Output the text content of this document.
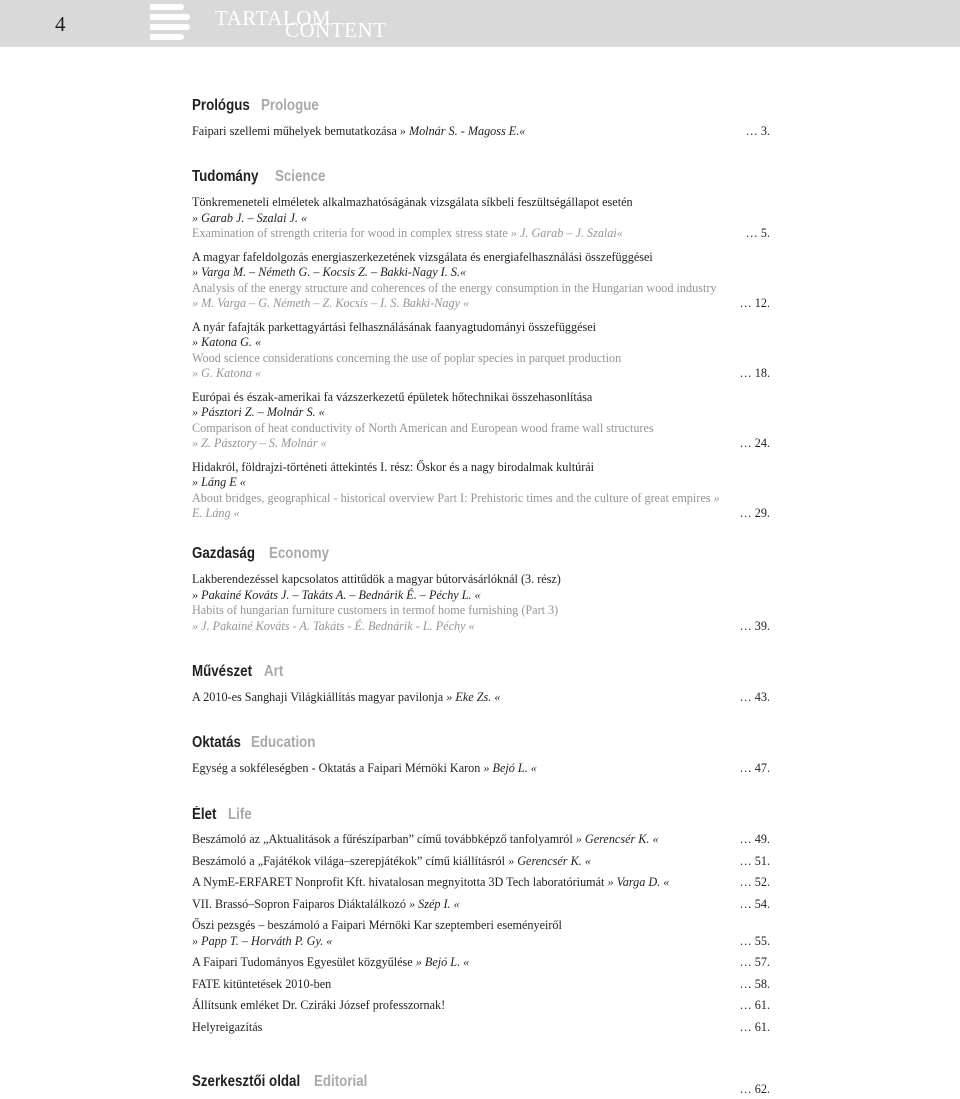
4	TARTALOM
CONTENT
Prológus Prologue
Faipari szellemi műhelyek bemutatkozása » Molnár S. - Magoss E.«	… 3.
Tudomány Science
Tönkremeneteli elméletek alkalmazhatóságának vizsgálata síkbeli feszültségállapot esetén
» Garab J. – Szalai J. «
Examination of strength criteria for wood in complex stress state » J. Garab – J. Szalai«	… 5.
A magyar fafeldolgozás energiaszerkezetének vizsgálata és energiafelhasználási összefüggései
» Varga M. – Németh G. – Kocsis Z. – Bakki-Nagy I. S.«
Analysis of the energy structure and coherences of the energy consumption in the Hungarian wood industry » M. Varga – G. Németh – Z. Kocsis – I. S. Bakki-Nagy «	… 12.
A nyár fafajták parkettagyártási felhasználásának faanyagtudományi összefüggései
» Katona G. «
Wood science considerations concerning the use of poplar species in parquet production
» G. Katona «	… 18.
Európai és észak-amerikai fa vázszerkezetű épületek hőtechnikai összehasonlítása
» Pásztori Z. – Molnár S. «
Comparison of heat conductivity of North American and European wood frame wall structures
» Z. Pásztory – S. Molnár «	… 24.
Hidakról, földrajzi-történeti áttekintés I. rész: Őskor és a nagy birodalmak kultúrái
» Láng E «
About bridges, geographical - historical overview Part I: Prehistoric times and the culture of great empires » E. Láng «	… 29.
Gazdaság Economy
Lakberendezéssel kapcsolatos attitűdök a magyar bútorvásárlóknál (3. rész)
» Pakainé Kováts J. – Takáts A. – Bednárik É. – Péchy L. «
Habits of hungarian furniture customers in termof home furnishing (Part 3)
» J. Pakainé Kováts - A. Takáts - É. Bednárik - L. Péchy «	… 39.
Művészet Art
A 2010-es Sanghaji Világkiállítás magyar pavilonja » Eke Zs. «	… 43.
Oktatás Education
Egység a sokféleségben - Oktatás a Faipari Mérnöki Karon » Bejó L. «	… 47.
Élet Life
Beszámoló az „Aktualitások a fűrészíparban” című továbbképző tanfolyamról » Gerencsér K. «	… 49.
Beszámoló a „Fajátékok világa–szerepjátékok” című kiállításról » Gerencsér K. «	… 51.
A NymE-ERFARET Nonprofit Kft. hivatalosan megnyitotta 3D Tech laboratóriumát » Varga D. «	… 52.
VII. Brassó–Sopron Faiparos Diáktalálkozó » Szép I. «	… 54.
Őszi pezsgés – beszámoló a Faipari Mérnöki Kar szeptemberi eseményeiről
» Papp T. – Horváth P. Gy. «	… 55.
A Faipari Tudományos Egyesület közgyűlése » Bejó L. «	… 57.
FATE kitüntetések 2010-ben	… 58.
Állítsunk emléket Dr. Cziráki József professzornak!	… 61.
Helyreigazítás	… 61.
Szerkesztői oldal Editorial	… 62.
